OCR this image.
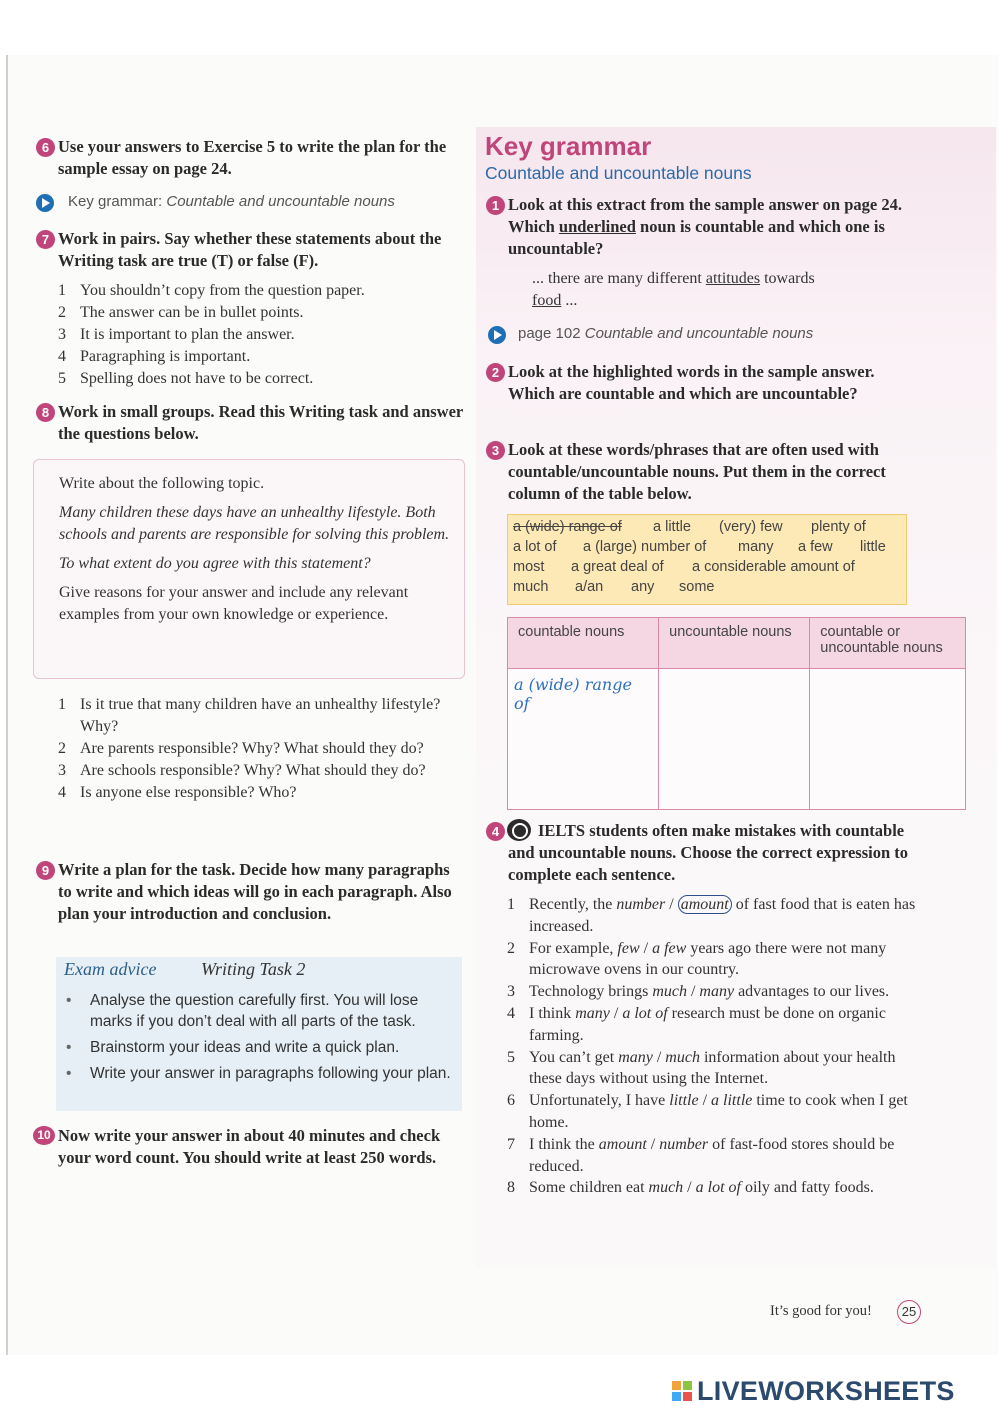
6 Use your answers to Exercise 5 to write the plan for the sample essay on page 24.
Key grammar: Countable and uncountable nouns
7 Work in pairs. Say whether these statements about the Writing task are true (T) or false (F).
1 You shouldn’t copy from the question paper.
2 The answer can be in bullet points.
3 It is important to plan the answer.
4 Paragraphing is important.
5 Spelling does not have to be correct.
8 Work in small groups. Read this Writing task and answer the questions below.

Write about the following topic.

Many children these days have an unhealthy lifestyle. Both schools and parents are responsible for solving this problem.

To what extent do you agree with this statement?

Give reasons for your answer and include any relevant examples from your own knowledge or experience.

1 Is it true that many children have an unhealthy lifestyle? Why?
2 Are parents responsible? Why? What should they do?
3 Are schools responsible? Why? What should they do?
4 Is anyone else responsible? Who?
9 Write a plan for the task. Decide how many paragraphs to write and which ideas will go in each paragraph. Also plan your introduction and conclusion.
Exam advice Writing Task 2
• Analyse the question carefully first. You will lose marks if you don’t deal with all parts of the task.
• Brainstorm your ideas and write a quick plan.
• Write your answer in paragraphs following your plan.
10 Now write your answer in about 40 minutes and check your word count. You should write at least 250 words.
Key grammar
Countable and uncountable nouns
1 Look at this extract from the sample answer on page 24. Which underlined noun is countable and which one is uncountable?
... there are many different attitudes towards
food ...
page 102 Countable and uncountable nouns
2 Look at the highlighted words in the sample answer. Which are countable and which are uncountable?
3 Look at these words/phrases that are often used with countable/uncountable nouns. Put them in the correct column of the table below.
a (wide) range of a little (very) few plenty of
a lot of a (large) number of many a few little
most a great deal of a considerable amount of
much a/an any some
countable nouns	uncountable nouns	countable or uncountable nouns
a (wide) range of		
4	IELTS students often make mistakes with countable and uncountable nouns. Choose the correct expression to complete each sentence.
1 Recently, the number / amount of fast food that is eaten has increased.
2 For example, few / a few years ago there were not many microwave ovens in our country.
3 Technology brings much / many advantages to our lives.
4 I think many / a lot of research must be done on organic farming.
5 You can’t get many / much information about your health these days without using the Internet.
6 Unfortunately, I have little / a little time to cook when I get home.
7 I think the amount / number of fast-food stores should be reduced.
8 Some children eat much / a lot of oily and fatty foods.
It’s good for you!	25
LIVEWORKSHEETS
